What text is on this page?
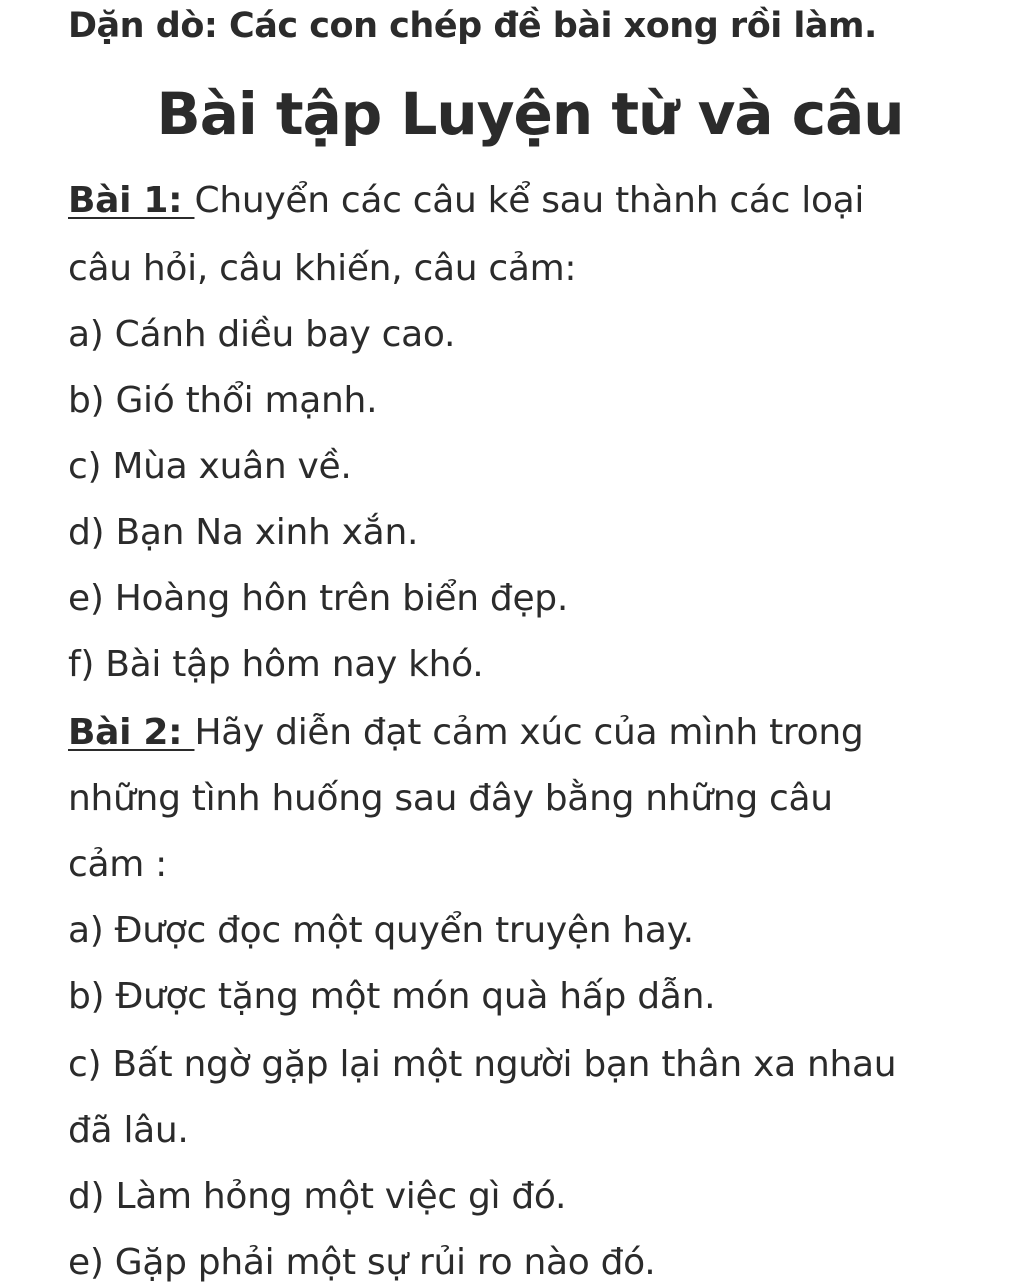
Dặn dò: Các con chép đề bài xong rồi làm.
Bài tập Luyện từ và câu
Bài 1: Chuyển các câu kể sau thành các loại
câu hỏi, câu khiến, câu cảm:
a) Cánh diều bay cao.
b) Gió thổi mạnh.
c) Mùa xuân về.
d) Bạn Na xinh xắn.
e) Hoàng hôn trên biển đẹp.
f) Bài tập hôm nay khó.
Bài 2: Hãy diễn đạt cảm xúc của mình trong
những tình huống sau đây bằng những câu
cảm :
a) Được đọc một quyển truyện hay.
b) Được tặng một món quà hấp dẫn.
c) Bất ngờ gặp lại một người bạn thân xa nhau
đã lâu.
d) Làm hỏng một việc gì đó.
e) Gặp phải một sự rủi ro nào đó.
